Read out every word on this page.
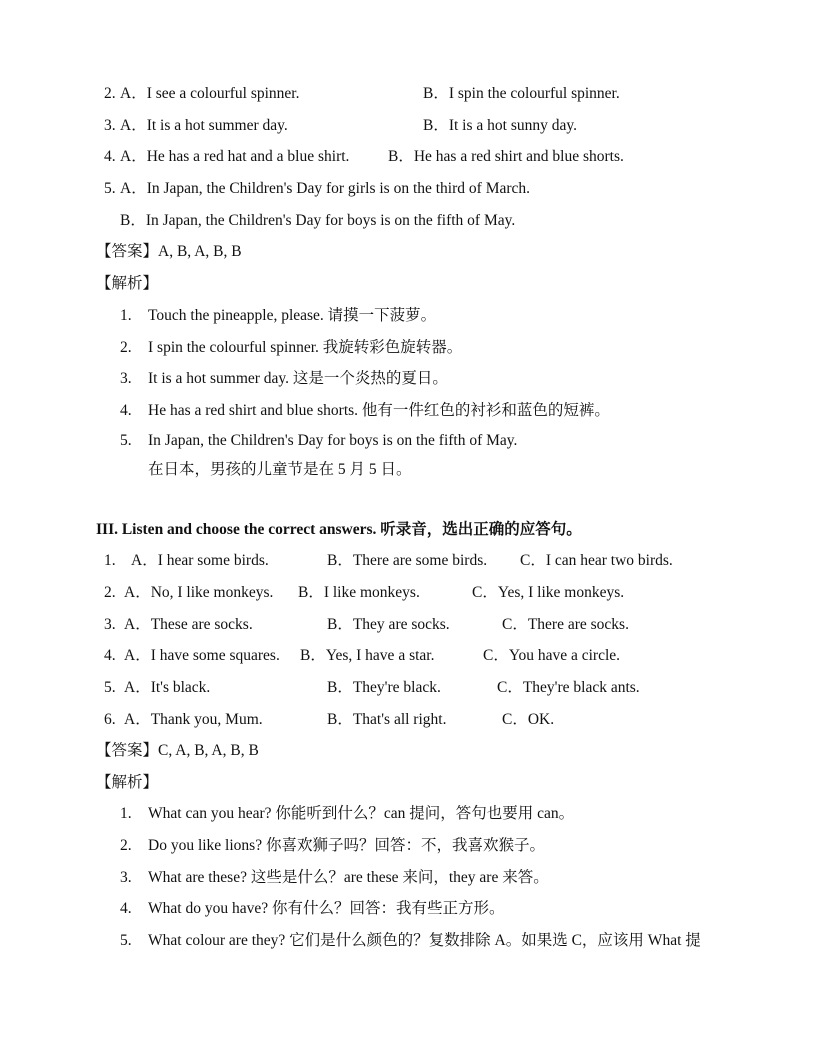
2. A．I see a colourful spinner.	B．I spin the colourful spinner.
3. A．It is a hot summer day.	B．It is a hot sunny day.
4. A．He has a red hat and a blue shirt. B．He has a red shirt and blue shorts.
5. A．In Japan, the Children's Day for girls is on the third of March.
B．In Japan, the Children's Day for boys is on the fifth of May.
【答案】A, B, A, B, B
【解析】
1. Touch the pineapple, please. 请摸一下菠萝。
2. I spin the colourful spinner. 我旋转彩色旋转器。
3. It is a hot summer day. 这是一个炎热的夏日。
4. He has a red shirt and blue shorts. 他有一件红色的衬衫和蓝色的短裤。
5. In Japan, the Children's Day for boys is on the fifth of May.
在日本，男孩的儿童节是在 5 月 5 日。
III. Listen and choose the correct answers. 听录音，选出正确的应答句。
1. A．I hear some birds.	B．There are some birds. C．I can hear two birds.
2. A．No, I like monkeys. B．I like monkeys.	C．Yes, I like monkeys.
3. A．These are socks.	B．They are socks.	C．There are socks.
4. A．I have some squares. B．Yes, I have a star.	C．You have a circle.
5. A．It's black.	B．They're black.	C．They're black ants.
6. A．Thank you, Mum.	B．That's all right.	C．OK.
【答案】C, A, B, A, B, B
【解析】
1. What can you hear? 你能听到什么？can 提问，答句也要用 can。
2. Do you like lions? 你喜欢狮子吗？回答：不，我喜欢猴子。
3. What are these? 这些是什么？are these 来问，they are 来答。
4. What do you have? 你有什么？回答：我有些正方形。
5. What colour are they? 它们是什么颜色的？复数排除 A。如果选 C，应该用 What 提
